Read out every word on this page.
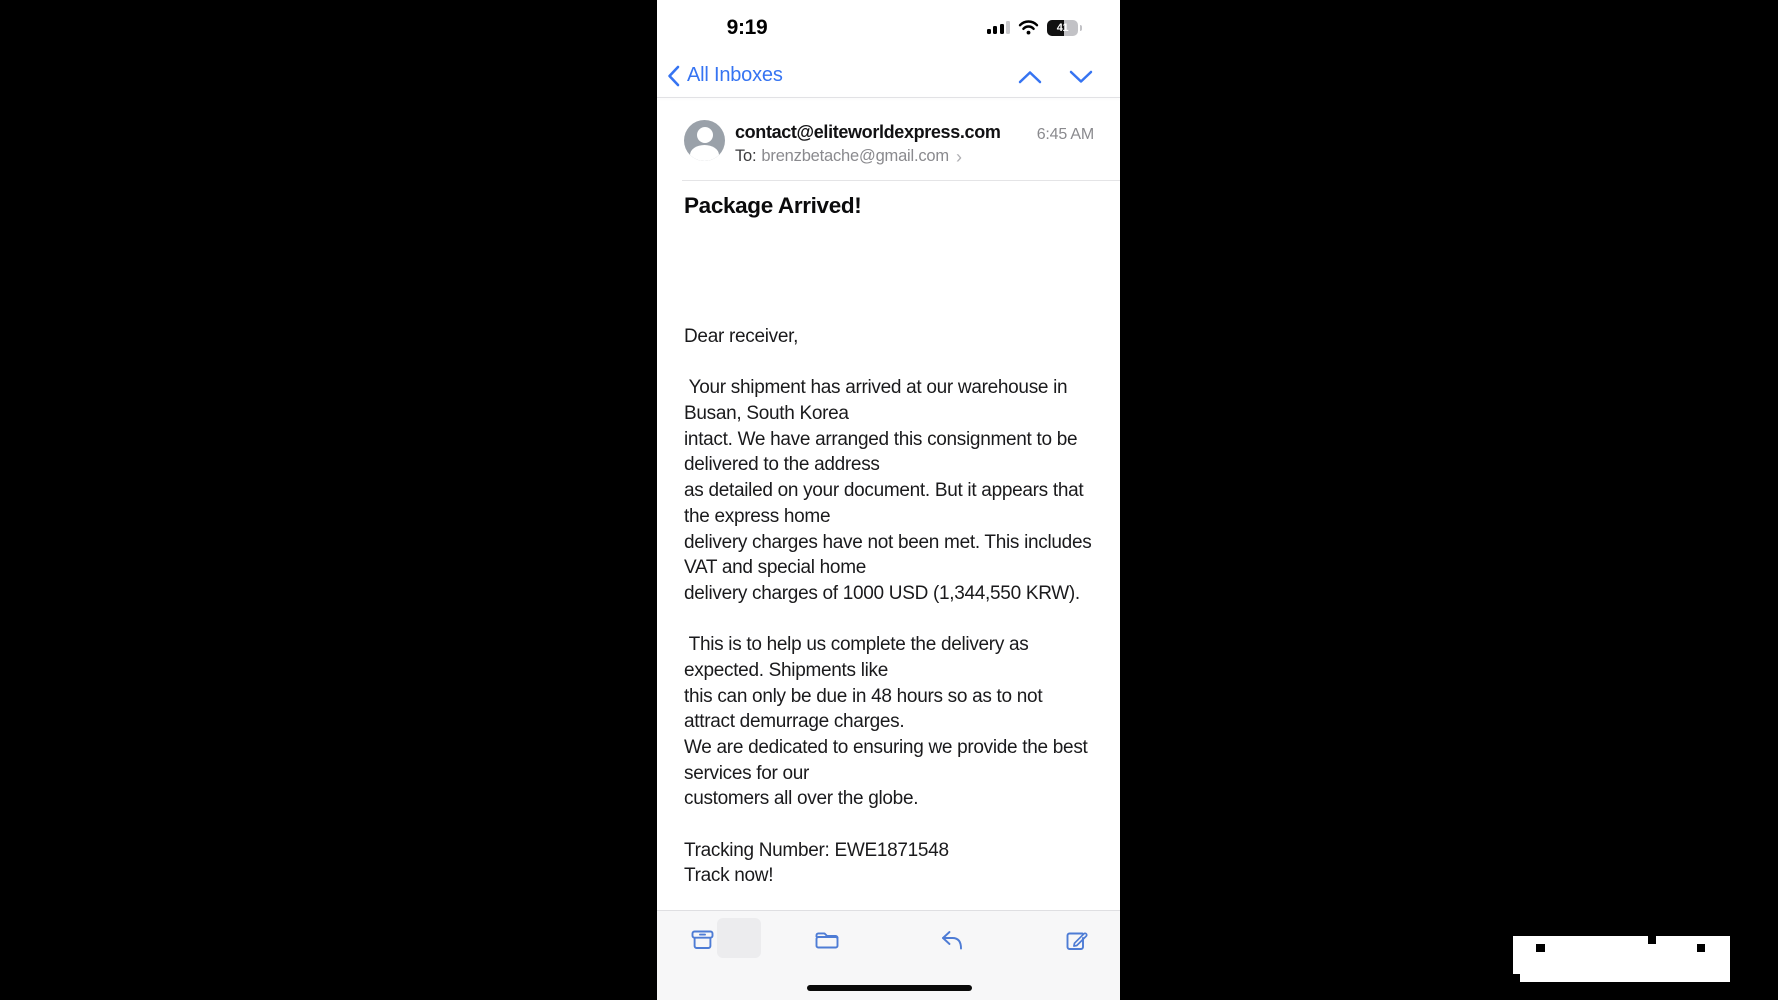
9:19	41
All Inboxes
contact@eliteworldexpress.com 6:45 AM
To: brenzbetache@gmail.com ›
Package Arrived!
Dear receiver,
Your shipment has arrived at our warehouse in
Busan, South Korea
intact. We have arranged this consignment to be
delivered to the address
as detailed on your document. But it appears that
the express home
delivery charges have not been met. This includes
VAT and special home
delivery charges of 1000 USD (1,344,550 KRW).
This is to help us complete the delivery as
expected. Shipments like
this can only be due in 48 hours so as to not
attract demurrage charges.
We are dedicated to ensuring we provide the best
services for our
customers all over the globe.
Tracking Number: EWE1871548
Track now!
